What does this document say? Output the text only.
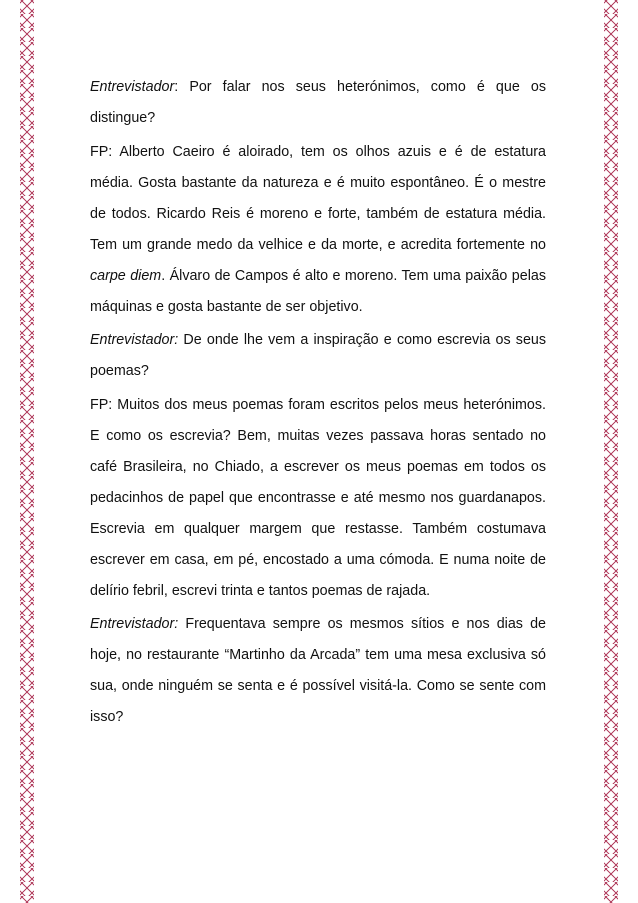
Entrevistador: Por falar nos seus heterónimos, como é que os distingue?

FP: Alberto Caeiro é aloirado, tem os olhos azuis e é de estatura média. Gosta bastante da natureza e é muito espontâneo. É o mestre de todos. Ricardo Reis é moreno e forte, também de estatura média. Tem um grande medo da velhice e da morte, e acredita fortemente no carpe diem. Álvaro de Campos é alto e moreno. Tem uma paixão pelas máquinas e gosta bastante de ser objetivo.

Entrevistador: De onde lhe vem a inspiração e como escrevia os seus poemas?

FP: Muitos dos meus poemas foram escritos pelos meus heterónimos. E como os escrevia? Bem, muitas vezes passava horas sentado no café Brasileira, no Chiado, a escrever os meus poemas em todos os pedacinhos de papel que encontrasse e até mesmo nos guardanapos. Escrevia em qualquer margem que restasse. Também costumava escrever em casa, em pé, encostado a uma cómoda. E numa noite de delírio febril, escrevi trinta e tantos poemas de rajada.

Entrevistador: Frequentava sempre os mesmos sítios e nos dias de hoje, no restaurante “Martinho da Arcada” tem uma mesa exclusiva só sua, onde ninguém se senta e é possível visitá-la. Como se sente com isso?
